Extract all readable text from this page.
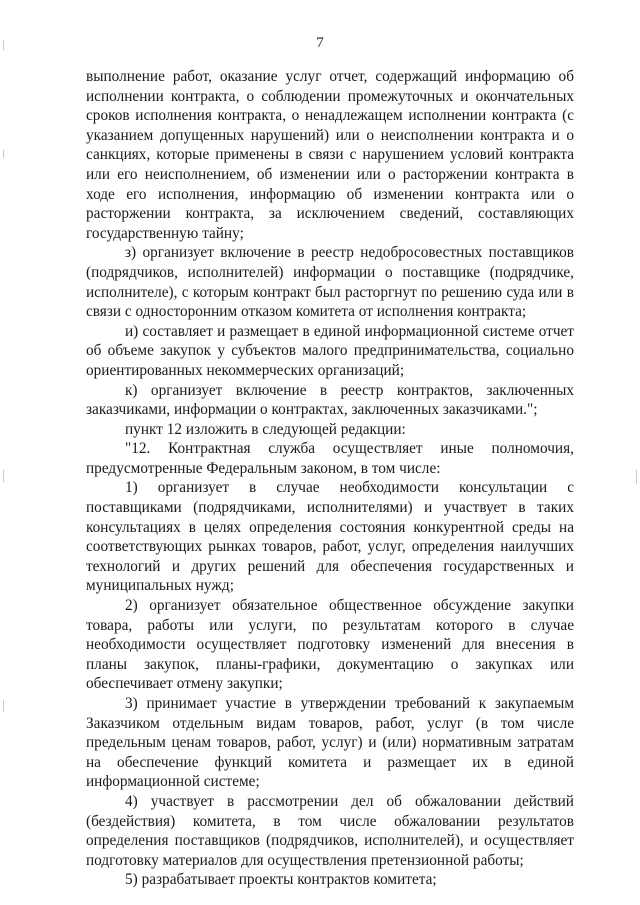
7

выполнение работ, оказание услуг отчет, содержащий информацию об исполнении контракта, о соблюдении промежуточных и окончательных сроков исполнения контракта, о ненадлежащем исполнении контракта (с указанием допущенных нарушений) или о неисполнении контракта и о санкциях, которые применены в связи с нарушением условий контракта или его неисполнением, об изменении или о расторжении контракта в ходе его исполнения, информацию об изменении контракта или о расторжении контракта, за исключением сведений, составляющих государственную тайну;

з) организует включение в реестр недобросовестных поставщиков (подрядчиков, исполнителей) информации о поставщике (подрядчике, исполнителе), с которым контракт был расторгнут по решению суда или в связи с односторонним отказом комитета от исполнения контракта;

и) составляет и размещает в единой информационной системе отчет об объеме закупок у субъектов малого предпринимательства, социально ориентированных некоммерческих организаций;

к) организует включение в реестр контрактов, заключенных заказчиками, информации о контрактах, заключенных заказчиками.";

пункт 12 изложить в следующей редакции:

"12. Контрактная служба осуществляет иные полномочия,

предусмотренные Федеральным законом, в том числе:

1) организует в случае необходимости консультации с поставщиками (подрядчиками, исполнителями) и участвует в таких консультациях в целях определения состояния конкурентной среды на соответствующих рынках товаров, работ, услуг, определения наилучших технологий и других решений для обеспечения государственных и муниципальных нужд;

2) организует обязательное общественное обсуждение закупки товара, работы или услуги, по результатам которого в случае необходимости осуществляет подготовку изменений для внесения в планы закупок, планы-графики, документацию о закупках или обеспечивает отмену закупки;

3) принимает участие в утверждении требований к закупаемым Заказчиком отдельным видам товаров, работ, услуг (в том числе предельным ценам товаров, работ, услуг) и (или) нормативным затратам на обеспечение функций комитета и размещает их в единой информационной системе;

4) участвует в рассмотрении дел об обжаловании действий (бездействия) комитета, в том числе обжаловании результатов определения поставщиков (подрядчиков, исполнителей), и осуществляет подготовку материалов для осуществления претензионной работы;

5) разрабатывает проекты контрактов комитета;
